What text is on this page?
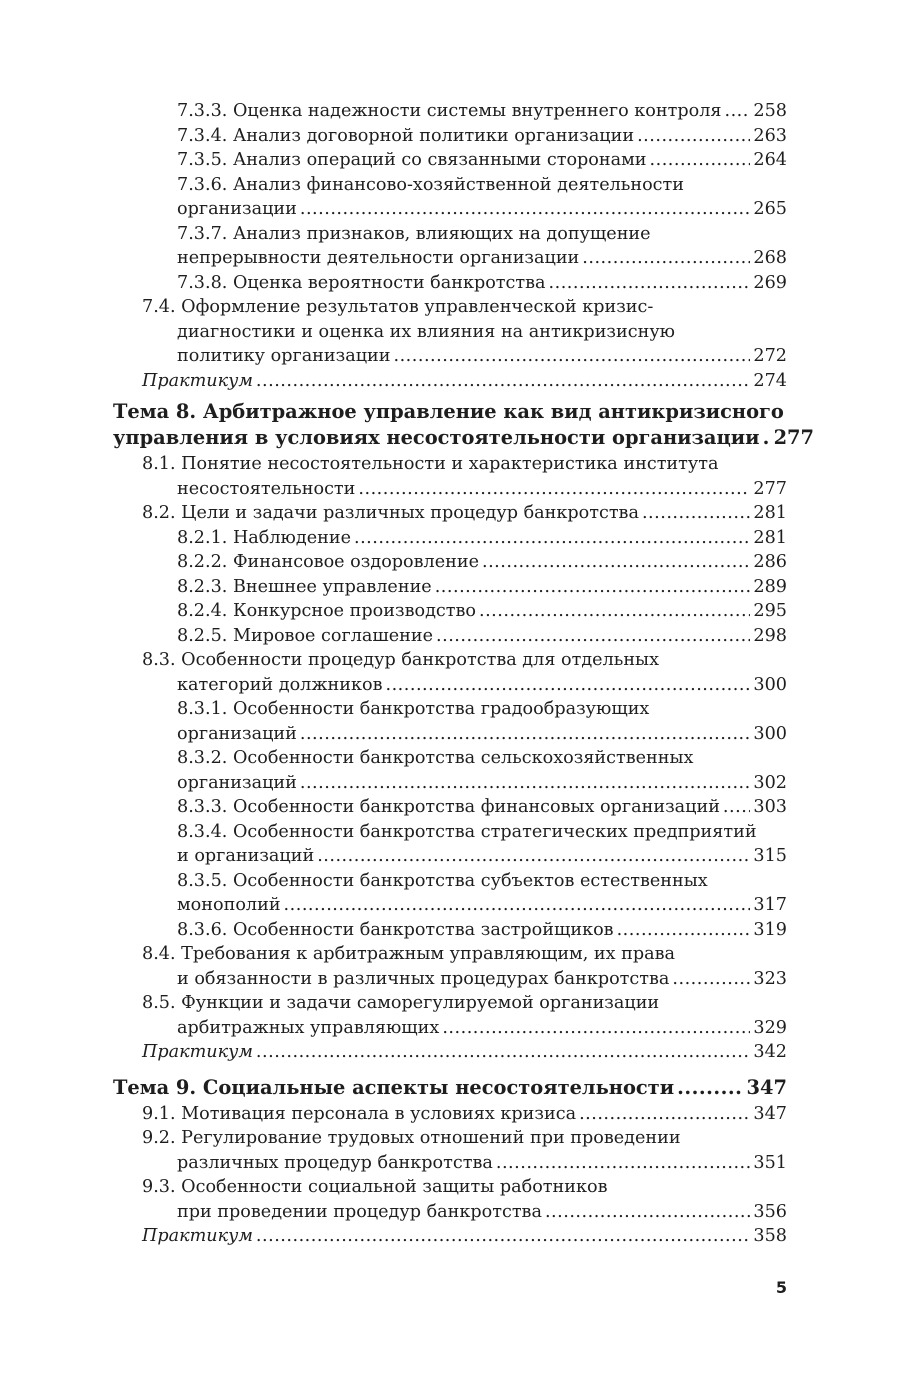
7.3.3. Оценка надежности системы внутреннего контроля ..... 258
7.3.4. Анализ договорной политики организации .....	263
7.3.5. Анализ операций со связанными сторонами .....	264
7.3.6. Анализ финансово-хозяйственной деятельности
организации .....	265
7.3.7. Анализ признаков, влияющих на допущение
непрерывности деятельности организации .....	268
7.3.8. Оценка вероятности банкротства .....	269
7.4. Оформление результатов управленческой кризис-
диагностики и оценка их влияния на антикризисную
политику организации .....	272
Практикум .....	274
Тема 8. Арбитражное управление как вид антикризисного
управления в условиях несостоятельности организации ..... 277
8.1. Понятие несостоятельности и характеристика института
несостоятельности .....	277
8.2. Цели и задачи различных процедур банкротства .....	281
8.2.1. Наблюдение .....	281
8.2.2. Финансовое оздоровление .....	286
8.2.3. Внешнее управление .....	289
8.2.4. Конкурсное производство .....	295
8.2.5. Мировое соглашение .....	298
8.3. Особенности процедур банкротства для отдельных
категорий должников .....	300
8.3.1. Особенности банкротства градообразующих
организаций .....	300
8.3.2. Особенности банкротства сельскохозяйственных
организаций .....	302
8.3.3. Особенности банкротства финансовых организаций ..... 303
8.3.4. Особенности банкротства стратегических предприятий
и организаций .....	315
8.3.5. Особенности банкротства субъектов естественных
монополий .....	317
8.3.6. Особенности банкротства застройщиков .....	319
8.4. Требования к арбитражным управляющим, их права
и обязанности в различных процедурах банкротства .....	323
8.5. Функции и задачи саморегулируемой организации
арбитражных управляющих .....	329
Практикум .....	342
Тема 9. Социальные аспекты несостоятельности .....	347
9.1. Мотивация персонала в условиях кризиса .....	347
9.2. Регулирование трудовых отношений при проведении
различных процедур банкротства .....	351
9.3. Особенности социальной защиты работников
при проведении процедур банкротства .....	356
Практикум .....	358
5
